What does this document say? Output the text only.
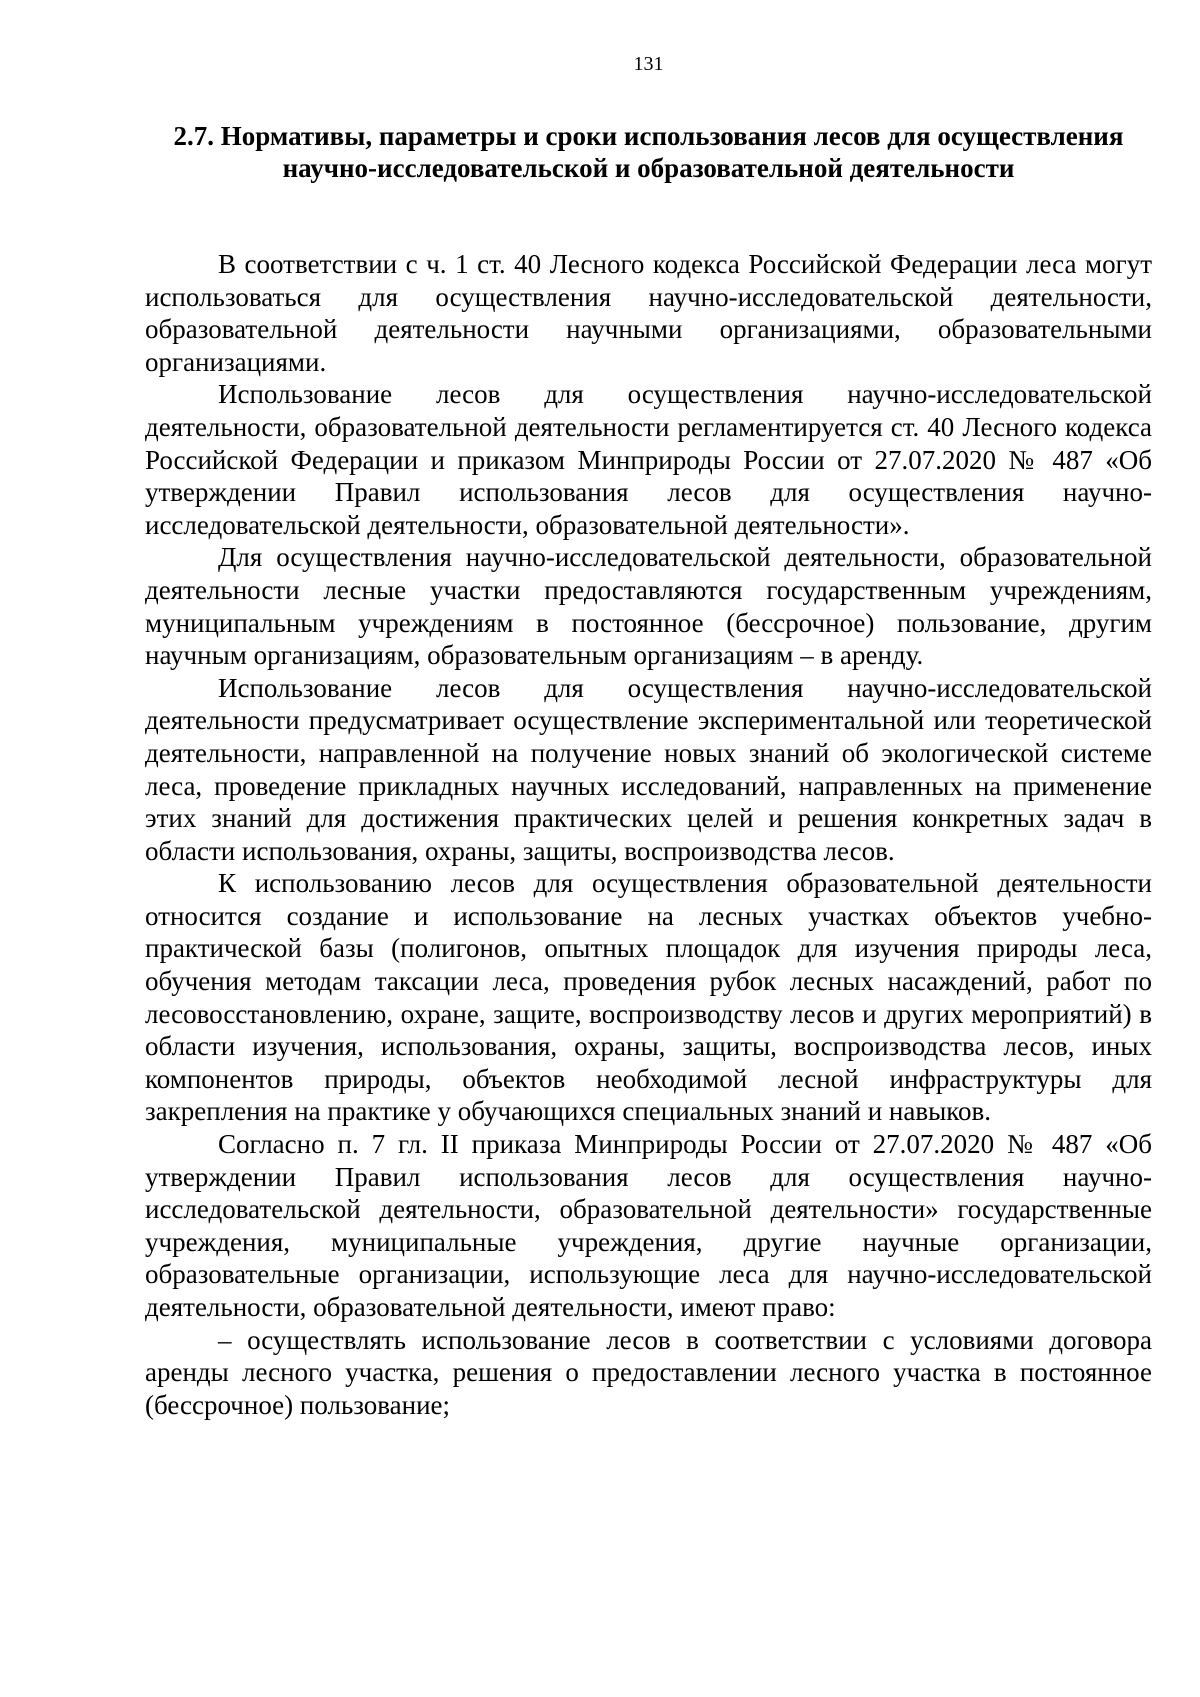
131
2.7. Нормативы, параметры и сроки использования лесов для осуществления научно-исследовательской и образовательной деятельности

В соответствии с ч. 1 ст. 40 Лесного кодекса Российской Федерации леса могут использоваться для осуществления научно-исследовательской деятельности, образовательной деятельности научными организациями, образовательными организациями.

Использование лесов для осуществления научно-исследовательской деятельности, образовательной деятельности регламентируется ст. 40 Лесного кодекса Российской Федерации и приказом Минприроды России от 27.07.2020 № 487 «Об утверждении Правил использования лесов для осуществления научно-исследовательской деятельности, образовательной деятельности».

Для осуществления научно-исследовательской деятельности, образовательной деятельности лесные участки предоставляются государственным учреждениям, муниципальным учреждениям в постоянное (бессрочное) пользование, другим научным организациям, образовательным организациям – в аренду.

Использование лесов для осуществления научно-исследовательской деятельности предусматривает осуществление экспериментальной или теоретической деятельности, направленной на получение новых знаний об экологической системе леса, проведение прикладных научных исследований, направленных на применение этих знаний для достижения практических целей и решения конкретных задач в области использования, охраны, защиты, воспроизводства лесов.

К использованию лесов для осуществления образовательной деятельности относится создание и использование на лесных участках объектов учебно-практической базы (полигонов, опытных площадок для изучения природы леса, обучения методам таксации леса, проведения рубок лесных насаждений, работ по лесовосстановлению, охране, защите, воспроизводству лесов и других мероприятий) в области изучения, использования, охраны, защиты, воспроизводства лесов, иных компонентов природы, объектов необходимой лесной инфраструктуры для закрепления на практике у обучающихся специальных знаний и навыков.

Согласно п. 7 гл. II приказа Минприроды России от 27.07.2020 № 487 «Об утверждении Правил использования лесов для осуществления научно-исследовательской деятельности, образовательной деятельности» государственные учреждения, муниципальные учреждения, другие научные организации, образовательные организации, использующие леса для научно-исследовательской деятельности, образовательной деятельности, имеют право:

– осуществлять использование лесов в соответствии с условиями договора аренды лесного участка, решения о предоставлении лесного участка в постоянное (бессрочное) пользование;
